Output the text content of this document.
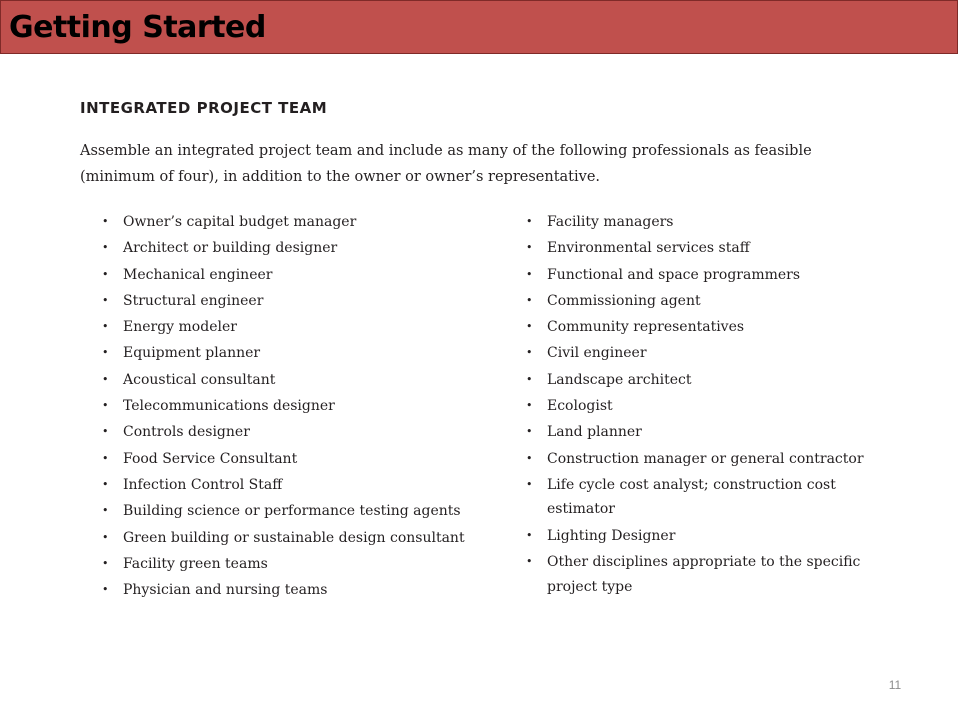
Getting Started
INTEGRATED PROJECT TEAM

Assemble an integrated project team and include as many of the following professionals as feasible (minimum of four), in addition to the owner or owner’s representative.

• Owner’s capital budget manager
• Architect or building designer
• Mechanical engineer
• Structural engineer
• Energy modeler
• Equipment planner
• Acoustical consultant
• Telecommunications designer
• Controls designer
• Food Service Consultant
• Infection Control Staff
• Building science or performance testing agents
• Green building or sustainable design consultant
• Facility green teams
• Physician and nursing teams
• Facility managers
• Environmental services staff
• Functional and space programmers
• Commissioning agent
• Community representatives
• Civil engineer
• Landscape architect
• Ecologist
• Land planner
• Construction manager or general contractor
• Life cycle cost analyst; construction cost estimator
• Lighting Designer
• Other disciplines appropriate to the specific project type
11
